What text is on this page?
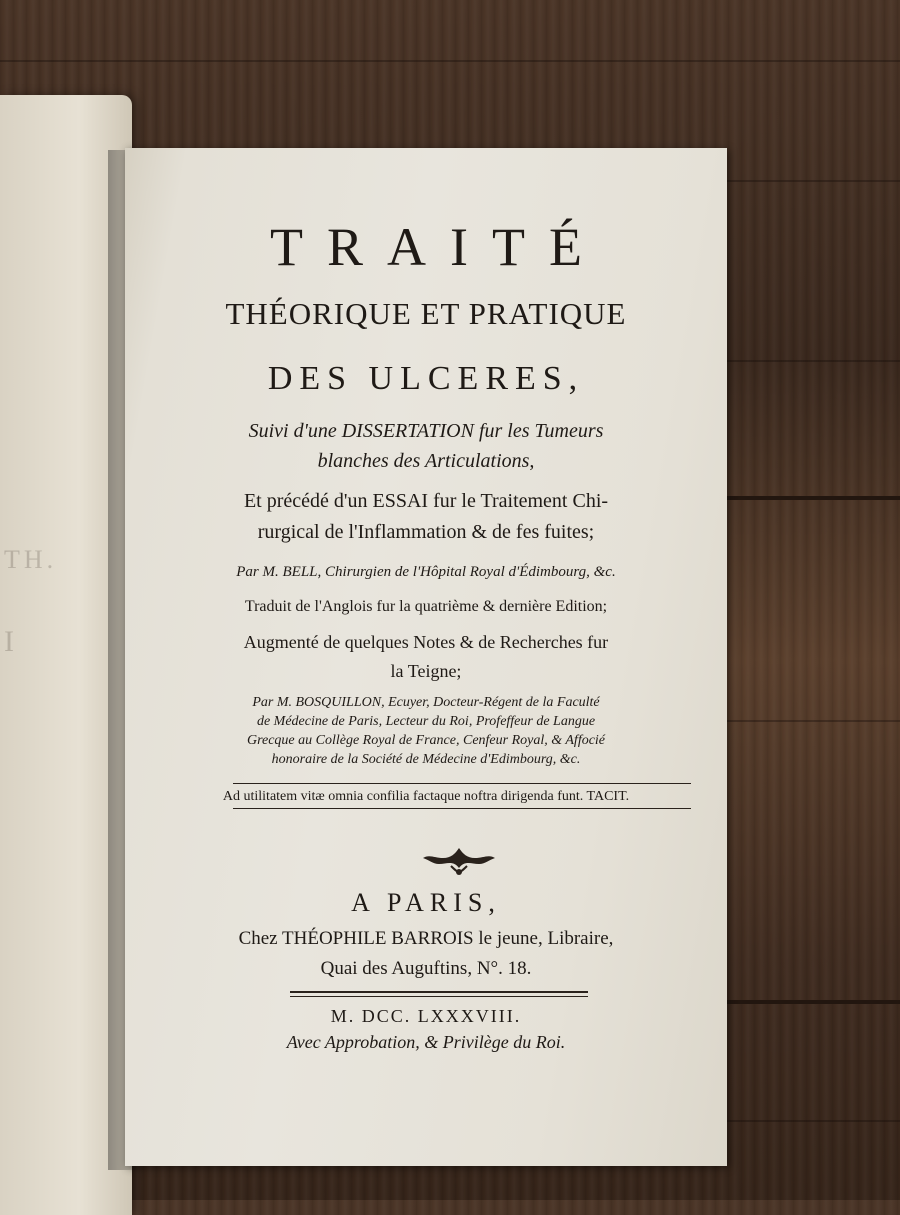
TH.
I
TRAITÉ
THÉORIQUE ET PRATIQUE
DES ULCERES,
Suivi d'une DISSERTATION fur les Tumeurs
blanches des Articulations,
Et précédé d'un ESSAI fur le Traitement Chi-
rurgical de l'Inflammation & de fes fuites;
Par M. BELL, Chirurgien de l'Hôpital Royal d'Édimbourg, &c.
Traduit de l'Anglois fur la quatrième & dernière Edition;
Augmenté de quelques Notes & de Recherches fur
la Teigne;
Par M. BOSQUILLON, Ecuyer, Docteur-Régent de la Faculté
de Médecine de Paris, Lecteur du Roi, Profeffeur de Langue
Grecque au Collège Royal de France, Cenfeur Royal, & Affocié
honoraire de la Société de Médecine d'Edimbourg, &c.
Ad utilitatem vitæ omnia confilia factaque noftra dirigenda funt. TACIT.
A PARIS,
Chez THÉOPHILE BARROIS le jeune, Libraire,
Quai des Auguftins, N°. 18.
M. DCC. LXXXVIII.
Avec Approbation, & Privilège du Roi.
